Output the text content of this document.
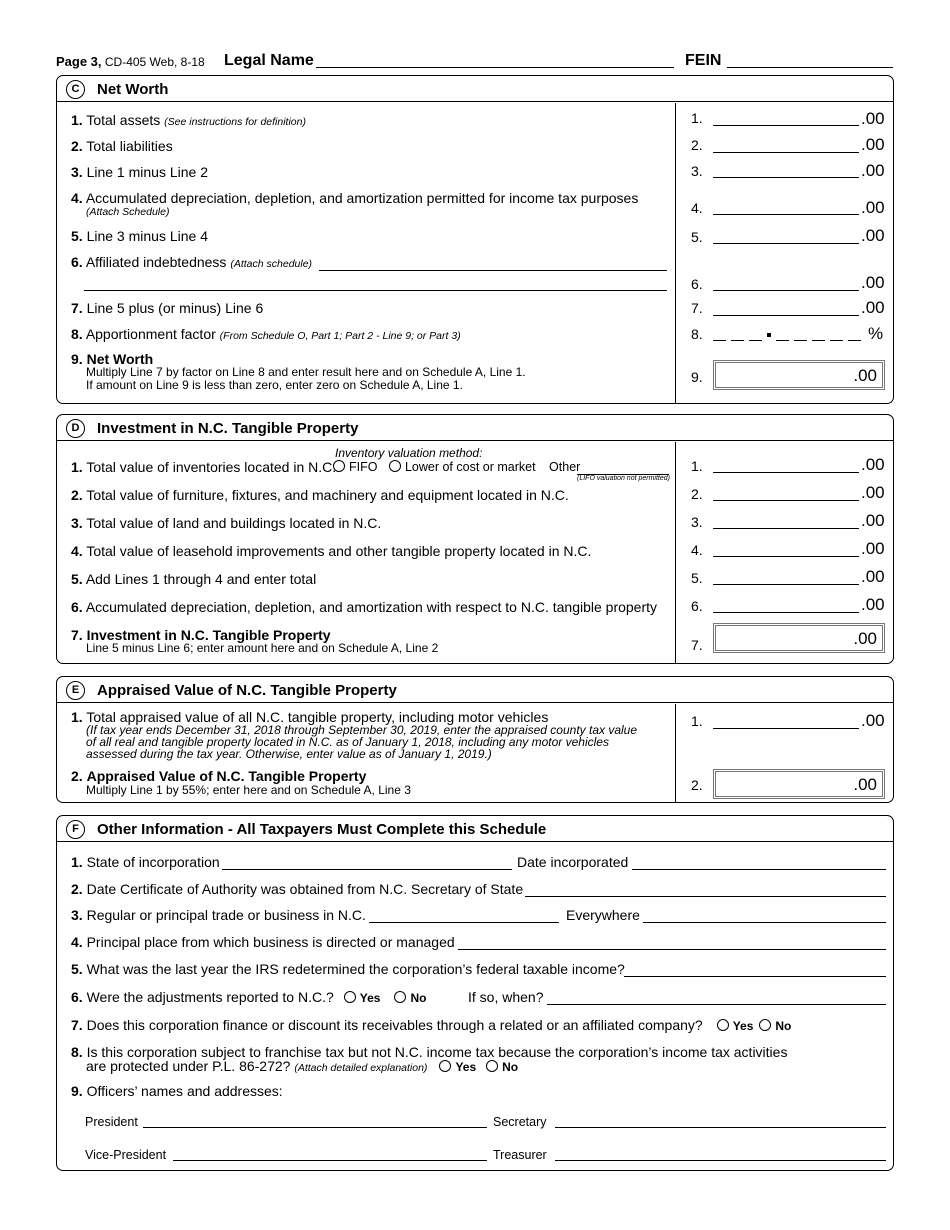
Page 3, CD-405 Web, 8-18 Legal Name	FEIN
C	Net Worth
1. Total assets (See instructions for definition)
2. Total liabilities
3. Line 1 minus Line 2
4. Accumulated depreciation, depletion, and amortization permitted for income tax purposes
(Attach Schedule)
5. Line 3 minus Line 4
6. Affiliated indebtedness (Attach schedule)
7. Line 5 plus (or minus) Line 6
8. Apportionment factor (From Schedule O, Part 1; Part 2 - Line 9; or Part 3)
9. Net Worth
Multiply Line 7 by factor on Line 8 and enter result here and on Schedule A, Line 1.
If amount on Line 9 is less than zero, enter zero on Schedule A, Line 1.
1.	.00
2.	.00
3.	.00
4.	.00
5.	.00
6.	.00
7.	.00
8.	%
9.	.00
D	Investment in N.C. Tangible Property
Inventory valuation method:
1. Total value of inventories located in N.C.	FIFO Lower of cost or market Other
(LIFO valuation not permitted)
2. Total value of furniture, fixtures, and machinery and equipment located in N.C.
3. Total value of land and buildings located in N.C.
4. Total value of leasehold improvements and other tangible property located in N.C.
5. Add Lines 1 through 4 and enter total
6. Accumulated depreciation, depletion, and amortization with respect to N.C. tangible property
7. Investment in N.C. Tangible Property
Line 5 minus Line 6; enter amount here and on Schedule A, Line 2
1.	.00
2.	.00
3.	.00
4.	.00
5.	.00
6.	.00
7.	.00
E	Appraised Value of N.C. Tangible Property
1. Total appraised value of all N.C. tangible property, including motor vehicles
(If tax year ends December 31, 2018 through September 30, 2019, enter the appraised county tax value
of all real and tangible property located in N.C. as of January 1, 2018, including any motor vehicles
assessed during the tax year. Otherwise, enter value as of January 1, 2019.)
2. Appraised Value of N.C. Tangible Property
Multiply Line 1 by 55%; enter here and on Schedule A, Line 3
1.	.00
2.	.00
F	Other Information - All Taxpayers Must Complete this Schedule
1. State of incorporation	Date incorporated
2. Date Certificate of Authority was obtained from N.C. Secretary of State
3. Regular or principal trade or business in N.C.	Everywhere
4. Principal place from which business is directed or managed
5. What was the last year the IRS redetermined the corporation’s federal taxable income?
6. Were the adjustments reported to N.C.? Yes	No	If so, when?
7. Does this corporation finance or discount its receivables through a related or an affiliated company?	Yes No
8. Is this corporation subject to franchise tax but not N.C. income tax because the corporation’s income tax activities
are protected under P.L. 86-272? (Attach detailed explanation) Yes No
9. Officers’ names and addresses:
President	Secretary
Vice-President	Treasurer
